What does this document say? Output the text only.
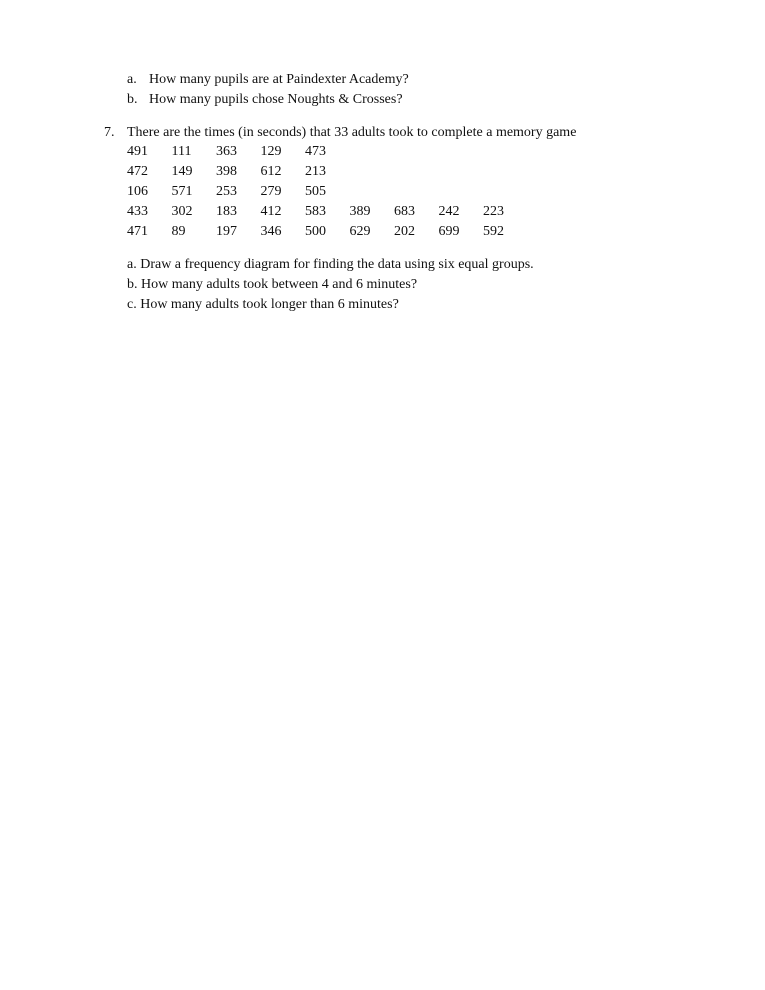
a. How many pupils are at Paindexter Academy?
b. How many pupils chose Noughts & Crosses?
7. There are the times (in seconds) that 33 adults took to complete a memory game
491	111	363	129	473				
472	149	398	612	213				
106	571	253	279	505				
433	302	183	412	583	389	683	242	223
471	89	197	346	500	629	202	699	592
a. Draw a frequency diagram for finding the data using six equal groups.
b. How many adults took between 4 and 6 minutes?
c. How many adults took longer than 6 minutes?
